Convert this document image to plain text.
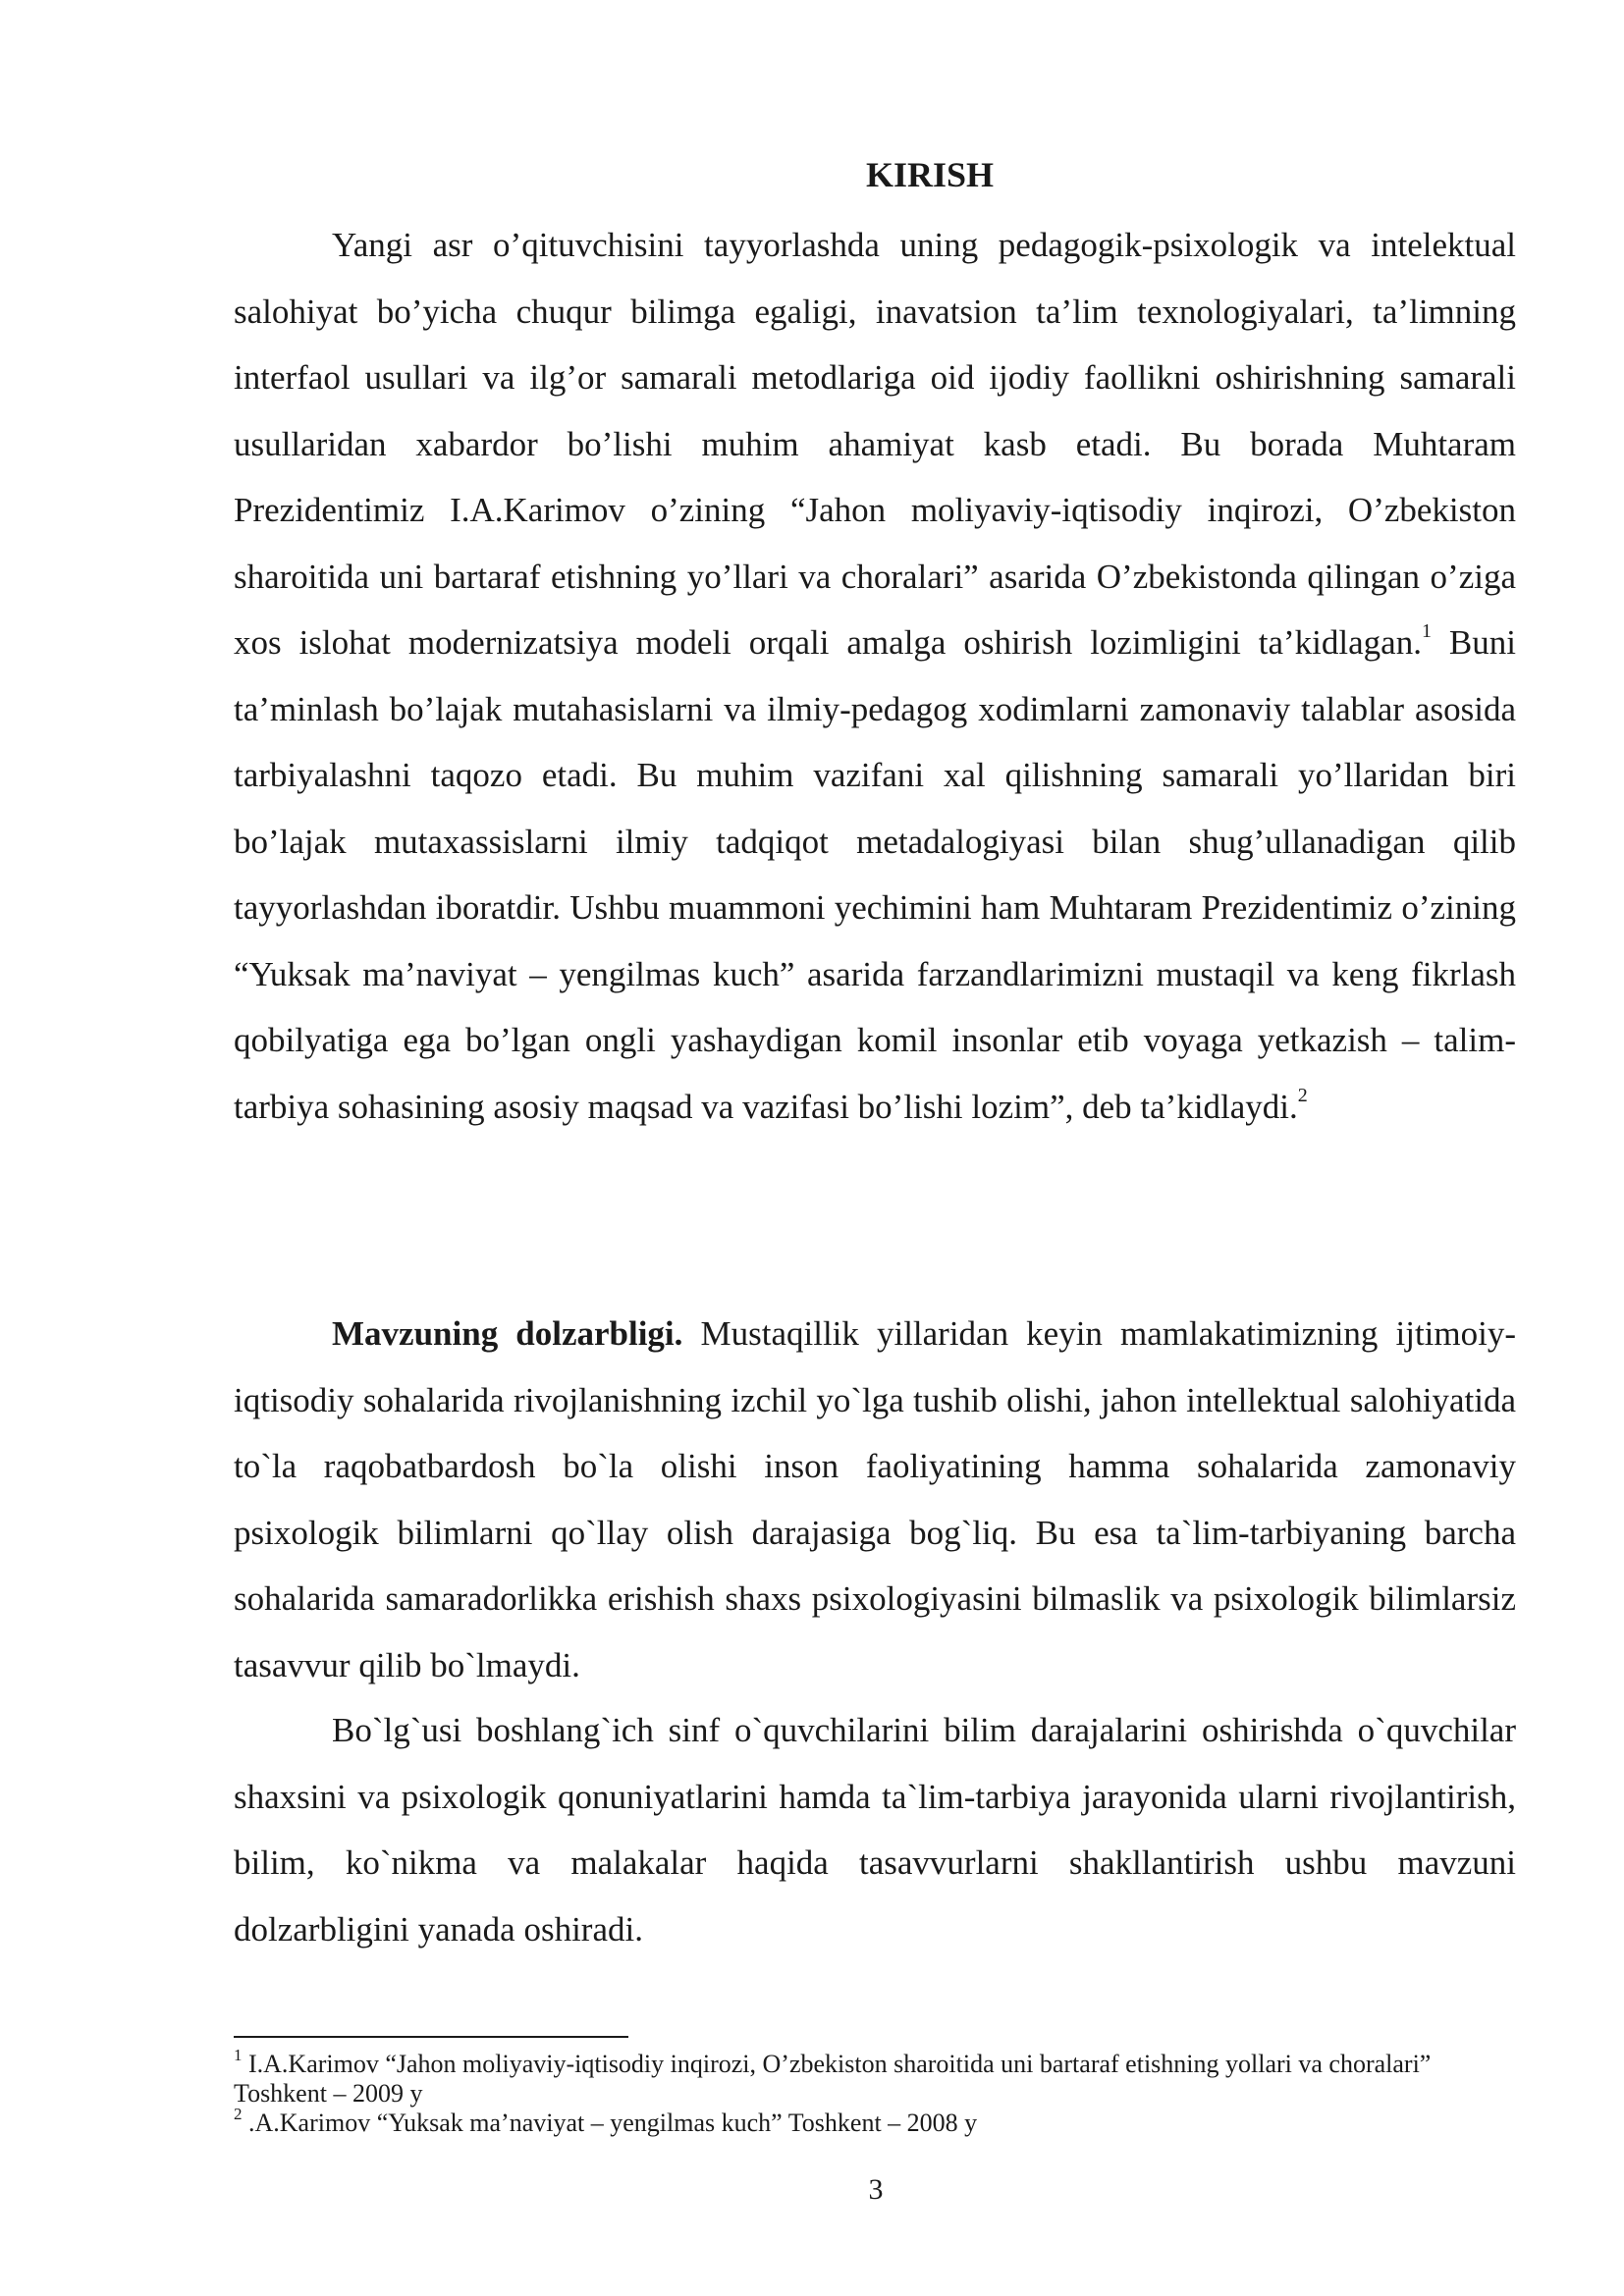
KIRISH

Yangi asr o’qituvchisini tayyorlashda uning pedagogik-psixologik va intelektual salohiyat bo’yicha chuqur bilimga egaligi, inavatsion ta’lim texnologiyalari, ta’limning interfaol usullari va ilg’or samarali metodlariga oid ijodiy faollikni oshirishning samarali usullaridan xabardor bo’lishi muhim ahamiyat kasb etadi. Bu borada Muhtaram Prezidentimiz I.A.Karimov o’zining “Jahon moliyaviy-iqtisodiy inqirozi, O’zbekiston sharoitida uni bartaraf etishning yo’llari va choralari” asarida O’zbekistonda qilingan o’ziga xos islohat modernizatsiya modeli orqali amalga oshirish lozimligini ta’kidlagan.$^1$ Buni ta’minlash bo’lajak mutahasislarni va ilmiy-pedagog xodimlarni zamonaviy talablar asosida tarbiyalashni taqozo etadi. Bu muhim vazifani xal qilishning samarali yo’llaridan biri bo’lajak mutaxassislarni ilmiy tadqiqot metadalogiyasi bilan shug’ullanadigan qilib tayyorlashdan iboratdir. Ushbu muammoni yechimini ham Muhtaram Prezidentimiz o’zining “Yuksak ma’naviyat – yengilmas kuch” asarida farzandlarimizni mustaqil va keng fikrlash qobilyatiga ega bo’lgan ongli yashaydigan komil insonlar etib voyaga yetkazish – talim-tarbiya sohasining asosiy maqsad va vazifasi bo’lishi lozim”, deb ta’kidlaydi.$^2$

Mavzuning dolzarbligi. Mustaqillik yillaridan keyin mamlakatimizning ijtimoiy-iqtisodiy sohalarida rivojlanishning izchil yo`lga tushib olishi, jahon intellektual salohiyatida to`la raqobatbardosh bo`la olishi inson faoliyatining hamma sohalarida zamonaviy psixologik bilimlarni qo`llay olish darajasiga bog`liq. Bu esa ta`lim-tarbiyaning barcha sohalarida samaradorlikka erishish shaxs psixologiyasini bilmaslik va psixologik bilimlarsiz tasavvur qilib bo`lmaydi.

Bo`lg`usi boshlang`ich sinf o`quvchilarini bilim darajalarini oshirishda o`quvchilar shaxsini va psixologik qonuniyatlarini hamda ta`lim-tarbiya jarayonida ularni rivojlantirish, bilim, ko`nikma va malakalar haqida tasavvurlarni shakllantirish ushbu mavzuni dolzarbligini yanada oshiradi.

$^1$ I.A.Karimov “Jahon moliyaviy-iqtisodiy inqirozi, O’zbekiston sharoitida uni bartaraf etishning yollari va choralari” Toshkent – 2009 y

$^2$ .A.Karimov “Yuksak ma’naviyat – yengilmas kuch” Toshkent – 2008 y

3
